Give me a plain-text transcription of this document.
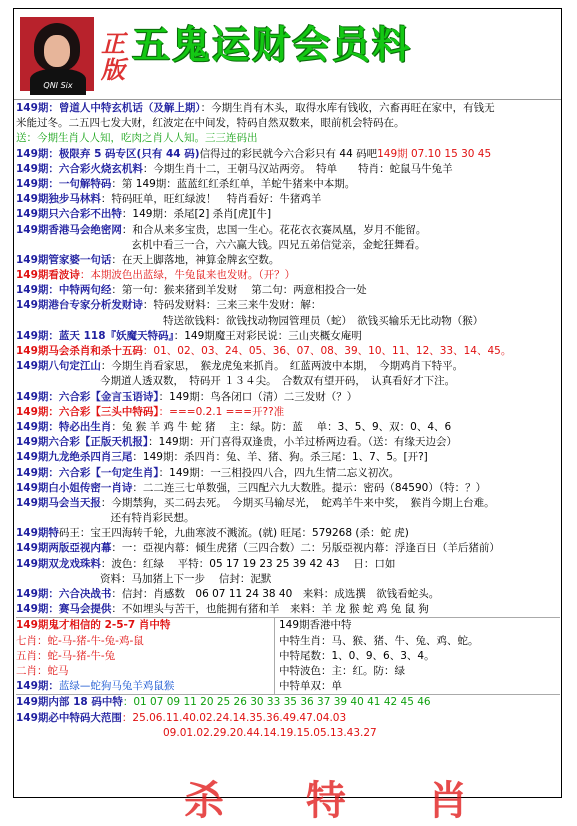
QNI Six
正版
五鬼运财会员料
149期：曾道人中特玄机话（及解上期）：今期生肖有木头，取得水库有钱收，六畜再旺在家中，有钱无
米能过冬。二五四七发大财，红波定在中间发，特码自然双数来，眼前机会特码在。
送：今期生肖人人知，吃肉之肖人人知。三三连码出
149期：极限弃 5 码专区(只有 44 码)信得过的彩民就今六合彩只有 44 码吧149期 07.10 15 30 45
149期：六合彩火烧玄机料：今期生肖十二，王朝马汉站两旁。　特单　　特肖：蛇鼠马牛兔羊
149期：一句解特码：第 149期：蓝蓝红红杀红单，羊蛇牛猪来中本期。
149期独步马林料：特码旺单，旺红绿波！　特肖看好：牛猪鸡羊
149期只六合彩不出特：149期：杀尾[2] 杀肖[虎][牛]
149期香港马会绝密网：和合从来多宝贵，忠国一生心。花花衣衣赛凤凰，岁月不能留。
　　　　　　　　　　　玄机中看三一合，六六赢大钱。四兄五弟信觉亲，金蛇狂舞看。
149期管家婆一句话：在天上脚落地，神算金牌玄空数。
149期看波诗：本期波色出蓝绿，牛兔鼠来也发财。（开？）
149期：中特两句经：第一句：猴来猪到羊发财　 第二句：两意相投合一处
149期港台专家分析发财诗：特码发财料：三来三来牛发财：解：
　　　　　　　　　　　　　　特送欲钱料：欲钱找动物园管理员（蛇）　欲钱买输乐无比动物（猴）
149期：蓝天 118『妖魔天特码』：149期魔王对彩民说：三山夹概女庵明
149期马会杀肖和杀十五码：01、02、03、24、05、36、07、08、39、10、11、12、33、14、45。
149期八句定江山：今期生肖看家思，　猴龙虎兔来抓肖。　红蓝两波中本期，　今期鸡肖下特平。
　　　　　　　　今期道人透双数，　特码开 １３４尖。　合数双有望开码，　认真看好才下注。
149期：六合彩【金言玉语诗】：149期：鸟各闭口（清）二三发财（？）
149期：六合彩【三头中特码】：===0.2.1 ===开??准
149期：特必出生肖：兔 猴 羊 鸡 牛 蛇 猪　 主：绿。防：蓝　 单：3、5、9、双：0、4、6
149期六合彩【正版天机报】：149期：开门喜得双逢贵，小羊过桥两边看。（送：有缘天边会）
149期九龙绝杀四肖三尾：149期：杀四肖：兔、羊、猪、狗。杀三尾：1、7、5。[开?]
149期：六合彩【一句定生肖】：149期：一三相投四八合，四九生情二忘义初次。
149期白小姐传密一肖诗：二二连三七单数强，三四配六九大数胜。提示：密码（84590）（特：？）
149期马会当天报：今期禁狗，买二码去死。　今期买马输尽光，　蛇鸡羊牛来中奖，　猴肖今期上台难。
　　　　　　　　　还有特肖彩民想。
149期特码王：宝王四海转千轮，九曲寒波不溅流。(就) 旺尾：579268 (杀：蛇 虎)
149期两版亞视内幕：一：亞视内幕：倾生虎猪（三四合数）二：另版亞视内幕：浮逢百日（羊后猪前）
149期双龙戏珠料：波色：红绿　 平特：05 17 19 23 25 39 42 43　 日：口如
　　　　　　　　资料：马加猪上下一步　 信封：泥默
149期：六合决战书：信封：肖感数　06 07 11 24 38 40　来料：成选撰　欲钱看蛇头。
149期：赛马会提供：不如埋头与苦干，也能拥有猪和羊　来料：羊 龙 猴 蛇 鸡 兔 鼠 狗
149期鬼才相信的 2-5-7 肖中特
七肖：蛇-马-猪-牛-兔-鸡-鼠
五肖：蛇-马-猪-牛-兔
二肖：蛇马
149期：蓝绿—蛇狗马兔羊鸡鼠猴
149期香港中特
中特生肖：马、猴、猪、牛、兔、鸡、蛇。
中特尾数：1、0、9、6、3、4。
中特波色：主：红。防：绿
中特单双：单
149期内部 18 码中特：01 07 09 11 20 25 26 30 33 35 36 37 39 40 41 42 45 46
149期必中特码大范围：25.06.11.40.02.24.14.35.36.49.47.04.03
　　　　　　　　　　　　　　09.01.02.29.20.44.14.19.15.05.13.43.27
杀 特 肖
